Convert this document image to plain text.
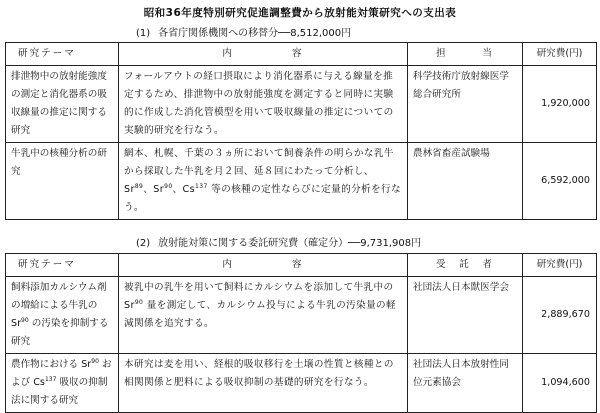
昭和36年度特別研究促進調整費から放射能対策研究への支出表
(1) 各省庁関係機関への移替分──8,512,000円
研究テーマ	内　　　　　容	担　　　当	研究費(円)
排泄物中の放射能強度の測定と消化器系の吸収線量の推定に関する研究	フォールアウトの経口摂取により消化器系に与える線量を推定するため、排泄物中の放射能強度を測定すると同時に実験的に作成した消化管模型を用いて吸収線量の推定についての実験的研究を行なう。	科学技術庁放射線医学総合研究所	1,920,000
牛乳中の核種分析の研究	網本、札幌、千葉の３ヵ所において飼養条件の明らかな乳牛から採取した牛乳を月２回、延８回にわたって分析し、Sr$^{89}$、Sr$^{90}$、Cs$^{137}$ 等の核種の定性ならびに定量的分析を行なう。	農林省畜産試験場	6,592,000
(2) 放射能対策に関する委託研究費（確定分）──9,731,908円
研究テーマ	内　　　　　容	受　託　者	研究費(円)
飼料添加カルシウム剤の増給による牛乳の Sr$^{90}$ の汚染を抑制する研究	被乳中の乳牛を用いて飼料にカルシウムを添加して牛乳中の Sr$^{90}$ 量を測定して、カルシウム投与による牛乳の汚染量の軽減関係を追究する。	社団法人日本獣医学会	2,889,670
農作物における Sr$^{90}$ および Cs$^{137}$ 吸収の抑制法に関する研究	本研究は麦を用い、経根的吸収移行を土壌の性質と核種との相関関係と肥料による吸収抑制の基礎的研究を行なう。	社団法人日本放射性同位元素協会	1,094,600
